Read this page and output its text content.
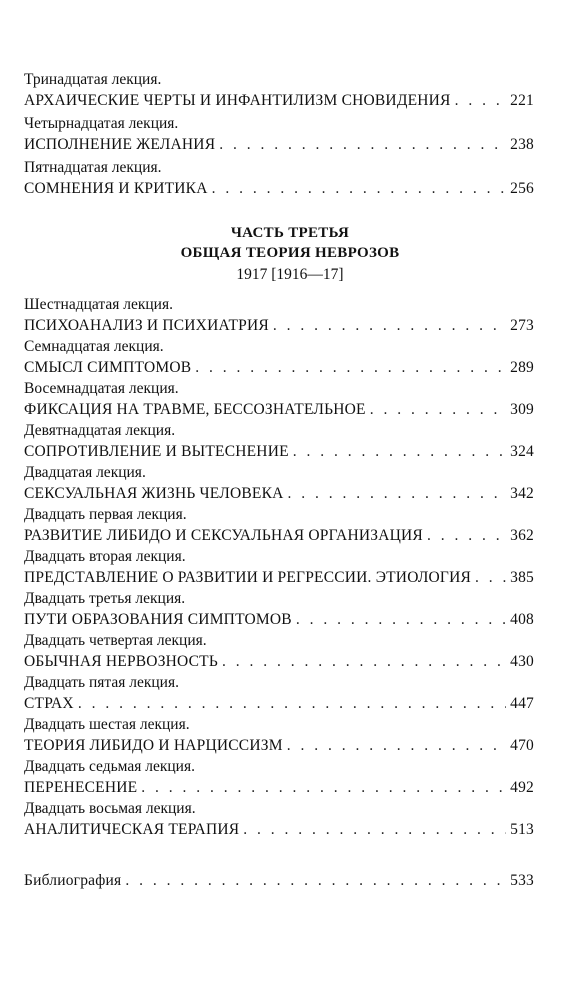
Тринадцатая лекция.
АРХАИЧЕСКИЕ ЧЕРТЫ И ИНФАНТИЛИЗМ СНОВИДЕНИЯ . . .	221
Четырнадцатая лекция.
ИСПОЛНЕНИЕ ЖЕЛАНИЯ . . .	238
Пятнадцатая лекция.
СОМНЕНИЯ И КРИТИКА . . .	256
ЧАСТЬ ТРЕТЬЯ
ОБЩАЯ ТЕОРИЯ НЕВРОЗОВ
1917 [1916—17]
Шестнадцатая лекция.
ПСИХОАНАЛИЗ И ПСИХИАТРИЯ . . .	273
Семнадцатая лекция.
СМЫСЛ СИМПТОМОВ . . .	289
Восемнадцатая лекция.
ФИКСАЦИЯ НА ТРАВМЕ, БЕССОЗНАТЕЛЬНОЕ . . .	309
Девятнадцатая лекция.
СОПРОТИВЛЕНИЕ И ВЫТЕСНЕНИЕ . . .	324
Двадцатая лекция.
СЕКСУАЛЬНАЯ ЖИЗНЬ ЧЕЛОВЕКА . . .	342
Двадцать первая лекция.
РАЗВИТИЕ ЛИБИДО И СЕКСУАЛЬНАЯ ОРГАНИЗАЦИЯ . . .	362
Двадцать вторая лекция.
ПРЕДСТАВЛЕНИЕ О РАЗВИТИИ И РЕГРЕССИИ. ЭТИОЛОГИЯ . . .	385
Двадцать третья лекция.
ПУТИ ОБРАЗОВАНИЯ СИМПТОМОВ . . .	408
Двадцать четвертая лекция.
ОБЫЧНАЯ НЕРВОЗНОСТЬ . . .	430
Двадцать пятая лекция.
СТРАХ . . .	447
Двадцать шестая лекция.
ТЕОРИЯ ЛИБИДО И НАРЦИССИЗМ . . .	470
Двадцать седьмая лекция.
ПЕРЕНЕСЕНИЕ . . .	492
Двадцать восьмая лекция.
АНАЛИТИЧЕСКАЯ ТЕРАПИЯ . . .	513
Библиография . . .	533
